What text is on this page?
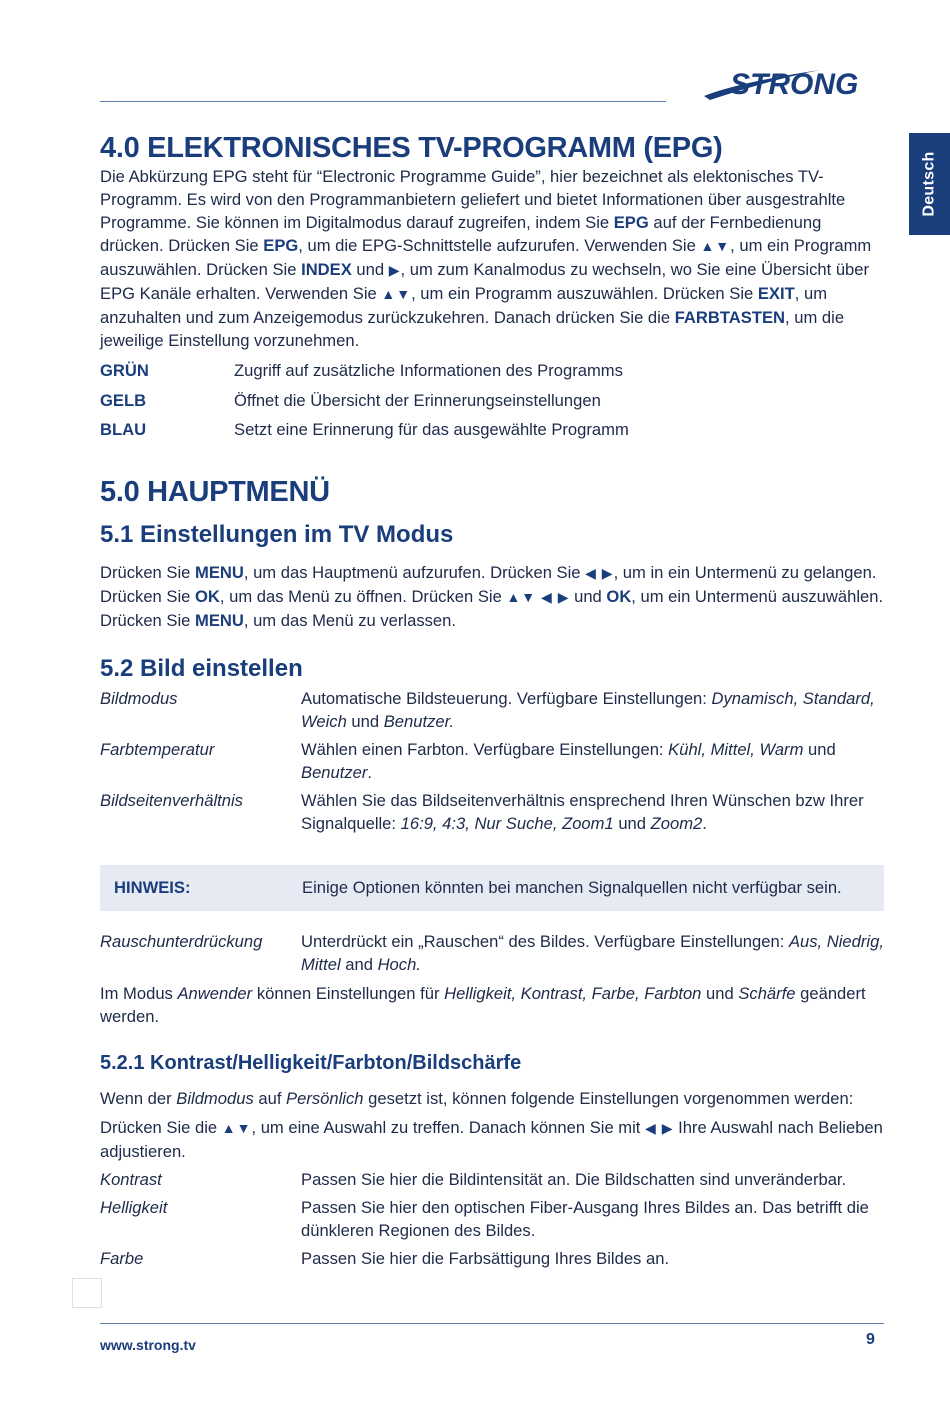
STRONG
Deutsch
4.0 ELEKTRONISCHES TV-PROGRAMM (EPG)

Die Abkürzung EPG steht für “Electronic Programme Guide”, hier bezeichnet als elektonisches TV-Programm. Es wird von den Programmanbietern geliefert und bietet Informationen über ausgestrahlte Programme. Sie können im Digitalmodus darauf zugreifen, indem Sie EPG auf der Fernbedienung drücken. Drücken Sie EPG, um die EPG-Schnittstelle aufzurufen. Verwenden Sie ▲▼, um ein Programm auszuwählen. Drücken Sie INDEX und ▶, um zum Kanalmodus zu wechseln, wo Sie eine Übersicht über EPG Kanäle erhalten. Verwenden Sie ▲▼, um ein Programm auszuwählen. Drücken Sie EXIT, um anzuhalten und zum Anzeigemodus zurückzukehren. Danach drücken Sie die FARBTASTEN, um die jeweilige Einstellung vorzunehmen.

GRÜN	Zugriff auf zusätzliche Informationen des Programms
GELB	Öffnet die Übersicht der Erinnerungseinstellungen
BLAU	Setzt eine Erinnerung für das ausgewählte Programm
5.0 HAUPTMENÜ
5.1 Einstellungen im TV Modus

Drücken Sie MENU, um das Hauptmenü aufzurufen. Drücken Sie ◀ ▶, um in ein Untermenü zu gelangen. Drücken Sie OK, um das Menü zu öffnen. Drücken Sie ▲▼ ◀ ▶ und OK, um ein Untermenü auszuwählen. Drücken Sie MENU, um das Menü zu verlassen.

5.2 Bild einstellen
Bildmodus	Automatische Bildsteuerung. Verfügbare Einstellungen: Dynamisch, Standard, Weich und Benutzer.
Farbtemperatur	Wählen einen Farbton. Verfügbare Einstellungen: Kühl, Mittel, Warm und Benutzer.
Bildseitenverhältnis	Wählen Sie das Bildseitenverhältnis ensprechend Ihren Wünschen bzw Ihrer Signalquelle: 16:9, 4:3, Nur Suche, Zoom1 und Zoom2.
HINWEIS:	Einige Optionen könnten bei manchen Signalquellen nicht verfügbar sein.
Rauschunterdrückung	Unterdrückt ein „Rauschen“ des Bildes. Verfügbare Einstellungen: Aus, Niedrig, Mittel and Hoch.

Im Modus Anwender können Einstellungen für Helligkeit, Kontrast, Farbe, Farbton und Schärfe geändert werden.

5.2.1 Kontrast/Helligkeit/Farbton/Bildschärfe

Wenn der Bildmodus auf Persönlich gesetzt ist, können folgende Einstellungen vorgenommen werden:

Drücken Sie die ▲▼, um eine Auswahl zu treffen. Danach können Sie mit ◀ ▶ Ihre Auswahl nach Belieben adjustieren.

Kontrast	Passen Sie hier die Bildintensität an. Die Bildschatten sind unveränderbar.
Helligkeit	Passen Sie hier den optischen Fiber-Ausgang Ihres Bildes an. Das betrifft die dünkleren Regionen des Bildes.
Farbe	Passen Sie hier die Farbsättigung Ihres Bildes an.
www.strong.tv	9
